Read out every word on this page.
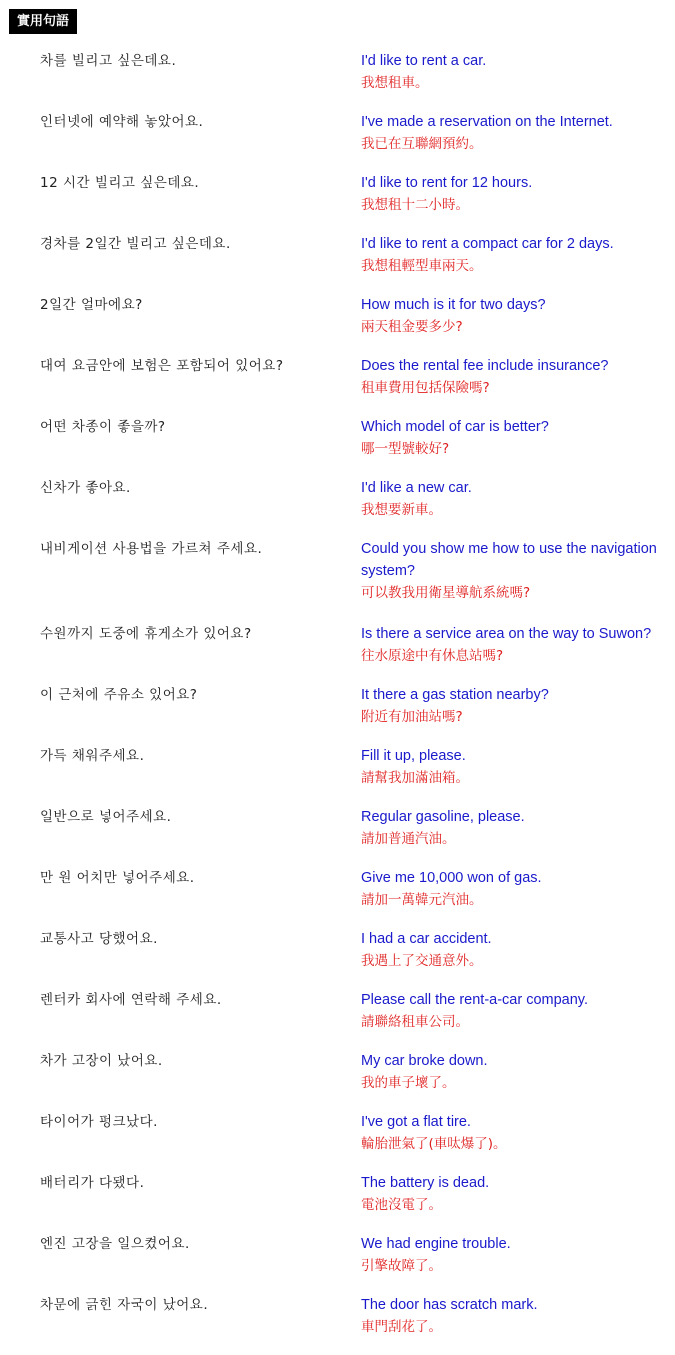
實用句語
차를 빌리고 싶은데요.	I'd like to rent a car.
我想租車。
인터넷에 예약해 놓았어요.	I've made a reservation on the Internet.
我已在互聯網預約。
12 시간 빌리고 싶은데요.	I'd like to rent for 12 hours.
我想租十二小時。
경차를 2일간 빌리고 싶은데요.	I'd like to rent a compact car for 2 days.
我想租輕型車兩天。
2일간 얼마에요?	How much is it for two days?
兩天租金要多少?
대여 요금안에 보험은 포함되어 있어요?	Does the rental fee include insurance?
租車費用包括保險嗎?
어떤 차종이 좋을까?	Which model of car is better?
哪一型號較好?
신차가 좋아요.	I'd like a new car.
我想要新車。
내비게이션 사용법을 가르쳐 주세요.	Could you show me how to use the navigation system?
可以教我用衛星導航系統嗎?
수원까지 도중에 휴게소가 있어요?	Is there a service area on the way to Suwon?
往水原途中有休息站嗎?
이 근처에 주유소 있어요?	It there a gas station nearby?
附近有加油站嗎?
가득 채워주세요.	Fill it up, please.
請幫我加滿油箱。
일반으로 넣어주세요.	Regular gasoline, please.
請加普通汽油。
만 원 어치만 넣어주세요.	Give me 10,000 won of gas.
請加一萬韓元汽油。
교통사고 당했어요.	I had a car accident.
我遇上了交通意外。
렌터카 회사에 연락해 주세요.	Please call the rent-a-car company.
請聯絡租車公司。
차가 고장이 났어요.	My car broke down.
我的車子壞了。
타이어가 펑크났다.	I've got a flat tire.
輪胎泄氣了(車呔爆了)。
배터리가 다됐다.	The battery is dead.
電池沒電了。
엔진 고장을 일으켰어요.	We had engine trouble.
引擎故障了。
차문에 긁힌 자국이 났어요.	The door has scratch mark.
車門刮花了。
